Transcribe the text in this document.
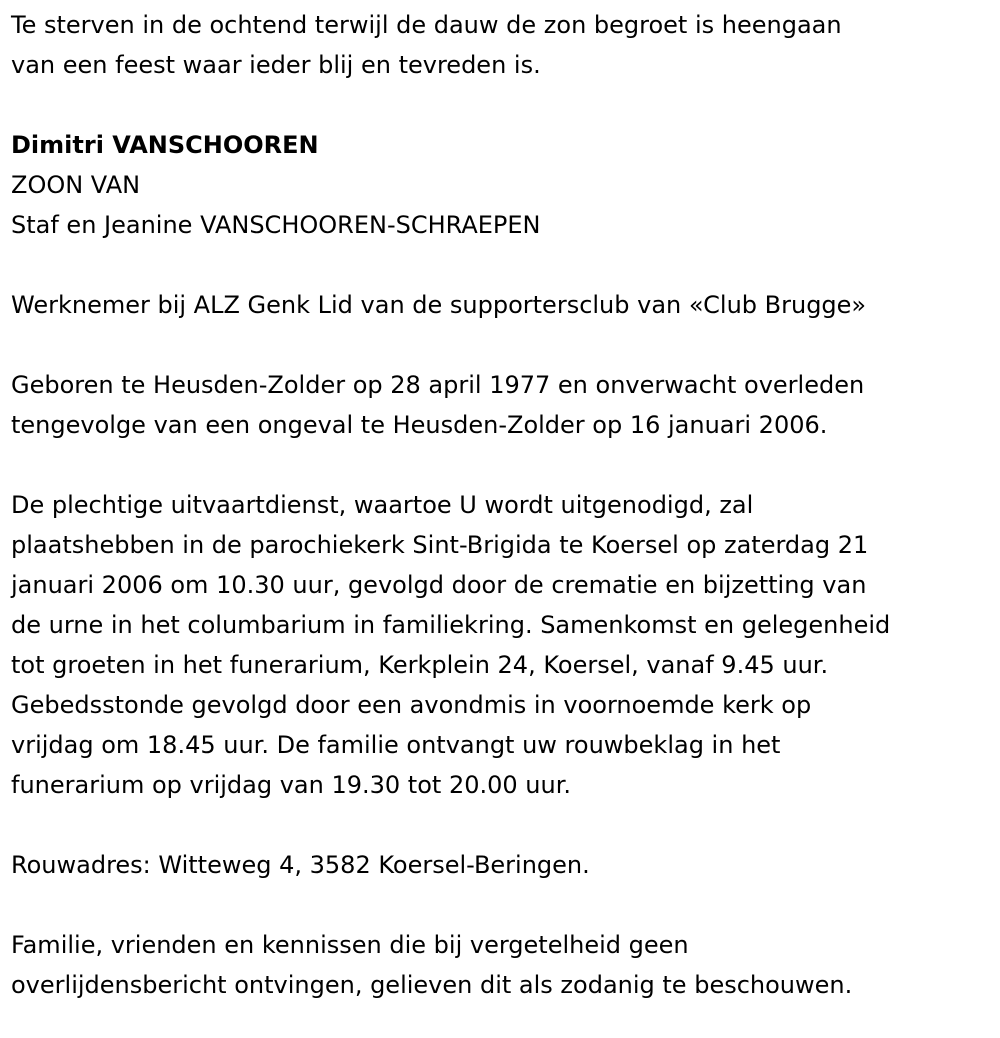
Te sterven in de ochtend terwijl de dauw de zon begroet is heengaan
van een feest waar ieder blij en tevreden is.
Dimitri VANSCHOOREN
ZOON VAN
Staf en Jeanine VANSCHOOREN-SCHRAEPEN
Werknemer bij ALZ Genk Lid van de supportersclub van «Club Brugge»
Geboren te Heusden-Zolder op 28 april 1977 en onverwacht overleden
tengevolge van een ongeval te Heusden-Zolder op 16 januari 2006.
De plechtige uitvaartdienst, waartoe U wordt uitgenodigd, zal
plaatshebben in de parochiekerk Sint-Brigida te Koersel op zaterdag 21
januari 2006 om 10.30 uur, gevolgd door de crematie en bijzetting van
de urne in het columbarium in familiekring. Samenkomst en gelegenheid
tot groeten in het funerarium, Kerkplein 24, Koersel, vanaf 9.45 uur.
Gebedsstonde gevolgd door een avondmis in voornoemde kerk op
vrijdag om 18.45 uur. De familie ontvangt uw rouwbeklag in het
funerarium op vrijdag van 19.30 tot 20.00 uur.
Rouwadres: Witteweg 4, 3582 Koersel-Beringen.
Familie, vrienden en kennissen die bij vergetelheid geen
overlijdensbericht ontvingen, gelieven dit als zodanig te beschouwen.
